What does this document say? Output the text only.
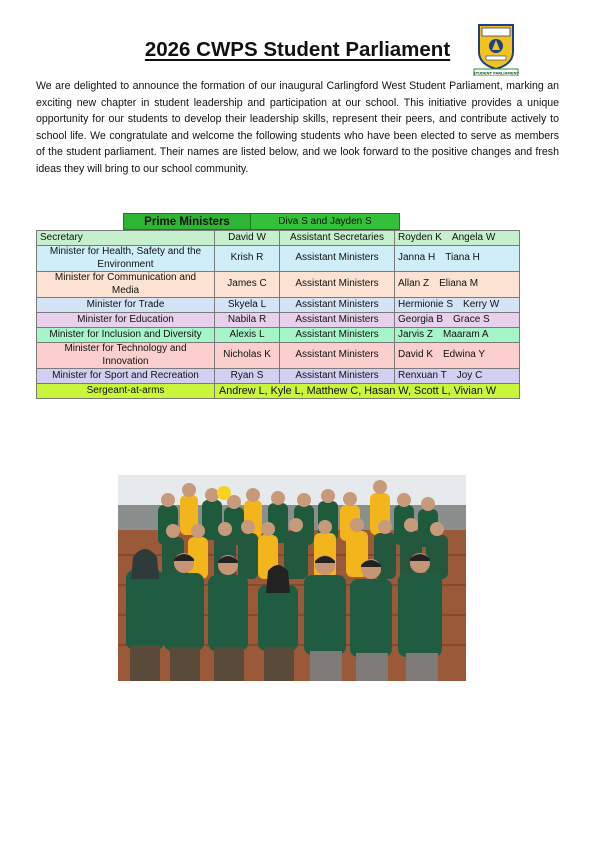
2026 CWPS Student Parliament
STUDENT PARLIAMENT
We are delighted to announce the formation of our inaugural Carlingford West Student Parliament, marking an exciting new chapter in student leadership and participation at our school. This initiative provides a unique opportunity for our students to develop their leadership skills, represent their peers, and contribute actively to school life. We congratulate and welcome the following students who have been elected to serve as members of the student parliament. Their names are listed below, and we look forward to the positive changes and fresh ideas they will bring to our school community.
Prime Ministers	Diva S and Jayden S
Secretary	David W	Assistant Secretaries	Royden K Angela W
Minister for Health, Safety and the Environment	Krish R	Assistant Ministers	Janna H Tiana H
Minister for Communication and Media	James C	Assistant Ministers	Allan Z Eliana M
Minister for Trade	Skyela L	Assistant Ministers	Hermionie S Kerry W
Minister for Education	Nabila R	Assistant Ministers	Georgia B Grace S
Minister for Inclusion and Diversity	Alexis L	Assistant Ministers	Jarvis Z Maaram A
Minister for Technology and Innovation	Nicholas K	Assistant Ministers	David K Edwina Y
Minister for Sport and Recreation	Ryan S	Assistant Ministers	Renxuan T Joy C
Sergeant-at-arms	Andrew L, Kyle L, Matthew C, Hasan W, Scott L, Vivian W		
